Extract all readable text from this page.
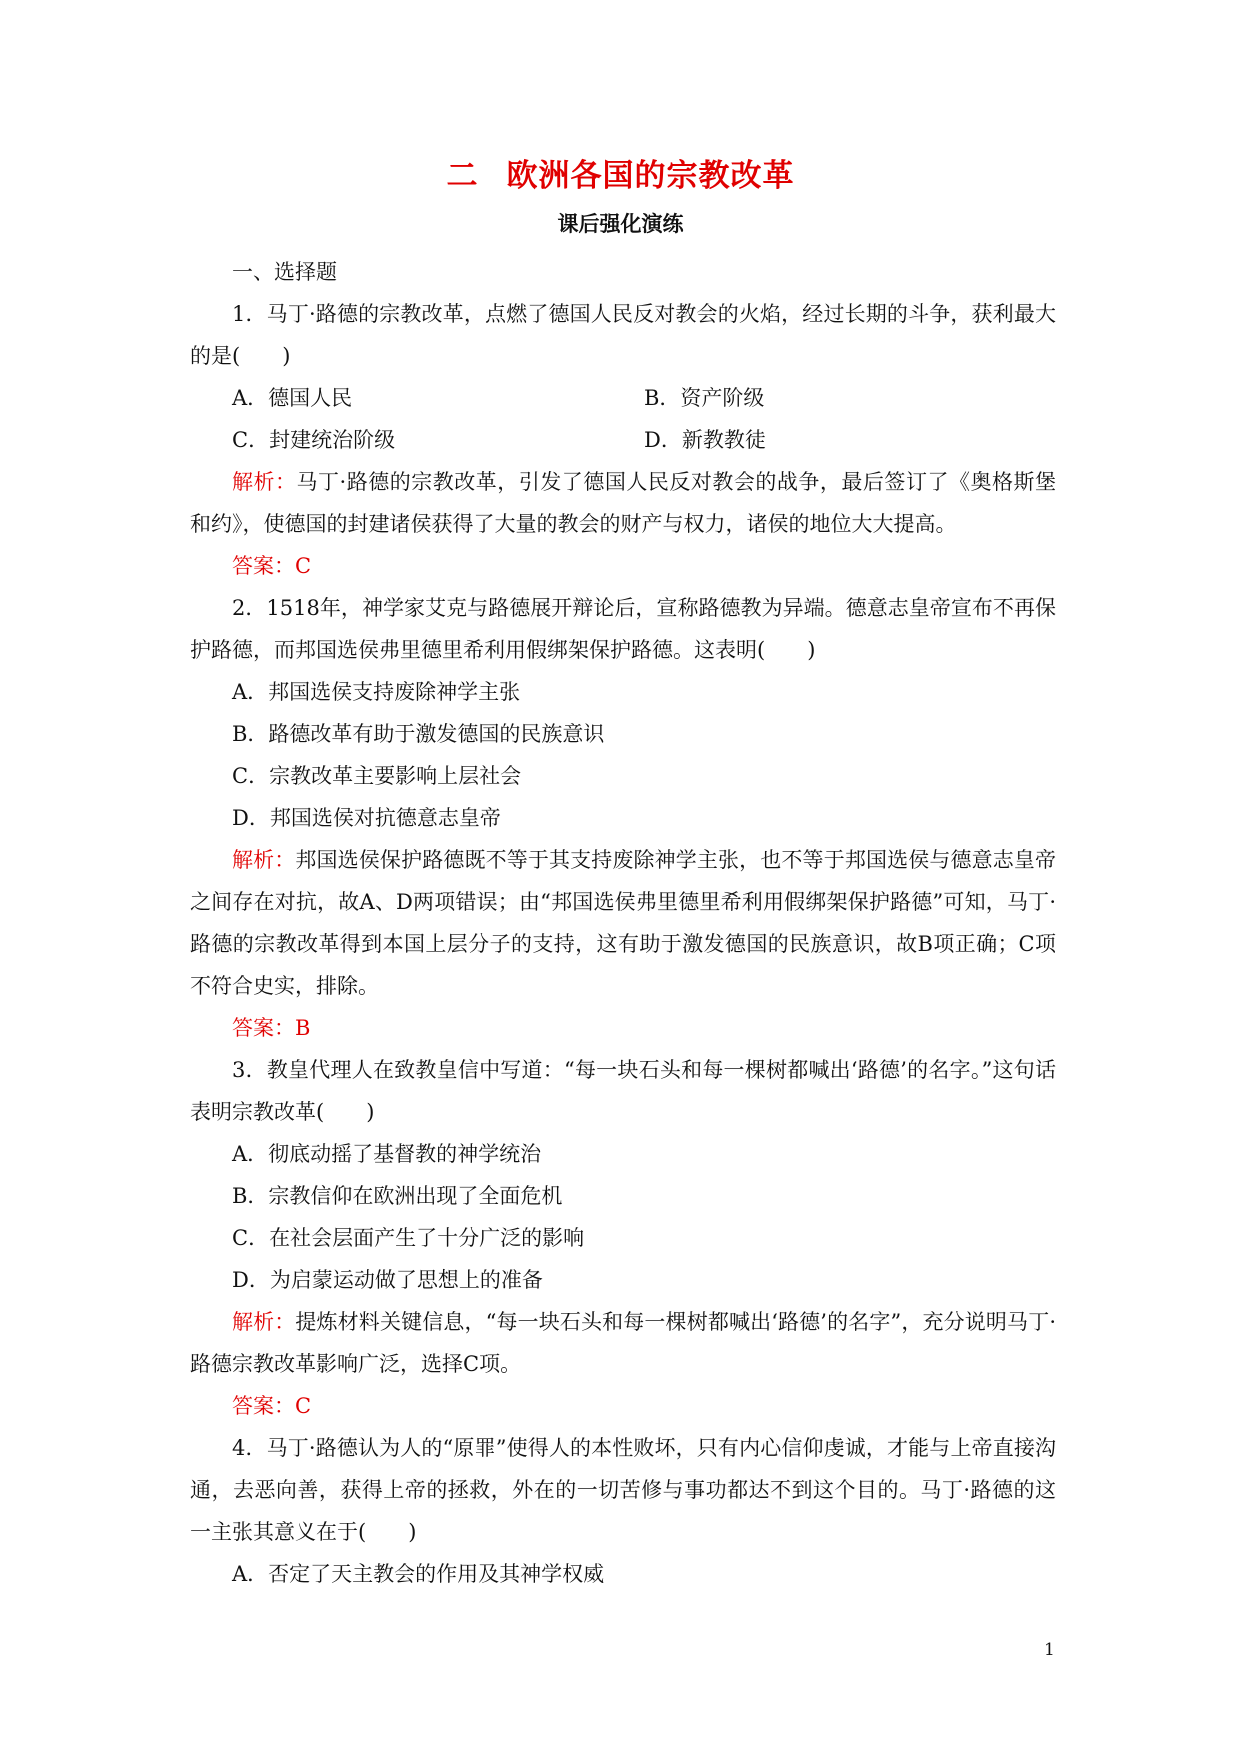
二 欧洲各国的宗教改革
课后强化演练

一、选择题

1．马丁·路德的宗教改革，点燃了德国人民反对教会的火焰，经过长期的斗争，获利最大的是(　　)

A．德国人民	B．资产阶级
C．封建统治阶级	D．新教教徒

解析：马丁·路德的宗教改革，引发了德国人民反对教会的战争，最后签订了《奥格斯堡和约》，使德国的封建诸侯获得了大量的教会的财产与权力，诸侯的地位大大提高。

答案：C

2．1518年，神学家艾克与路德展开辩论后，宣称路德教为异端。德意志皇帝宣布不再保护路德，而邦国选侯弗里德里希利用假绑架保护路德。这表明(　　)

A．邦国选侯支持废除神学主张

B．路德改革有助于激发德国的民族意识

C．宗教改革主要影响上层社会

D．邦国选侯对抗德意志皇帝

解析：邦国选侯保护路德既不等于其支持废除神学主张，也不等于邦国选侯与德意志皇帝之间存在对抗，故A、D两项错误；由“邦国选侯弗里德里希利用假绑架保护路德”可知，马丁·路德的宗教改革得到本国上层分子的支持，这有助于激发德国的民族意识，故B项正确；C项不符合史实，排除。

答案：B

3．教皇代理人在致教皇信中写道：“每一块石头和每一棵树都喊出‘路德’的名字。”这句话表明宗教改革(　　)

A．彻底动摇了基督教的神学统治

B．宗教信仰在欧洲出现了全面危机

C．在社会层面产生了十分广泛的影响

D．为启蒙运动做了思想上的准备

解析：提炼材料关键信息，“每一块石头和每一棵树都喊出‘路德’的名字”，充分说明马丁·路德宗教改革影响广泛，选择C项。

答案：C

4．马丁·路德认为人的“原罪”使得人的本性败坏，只有内心信仰虔诚，才能与上帝直接沟通，去恶向善，获得上帝的拯救，外在的一切苦修与事功都达不到这个目的。马丁·路德的这一主张其意义在于(　　)

A．否定了天主教会的作用及其神学权威

1
